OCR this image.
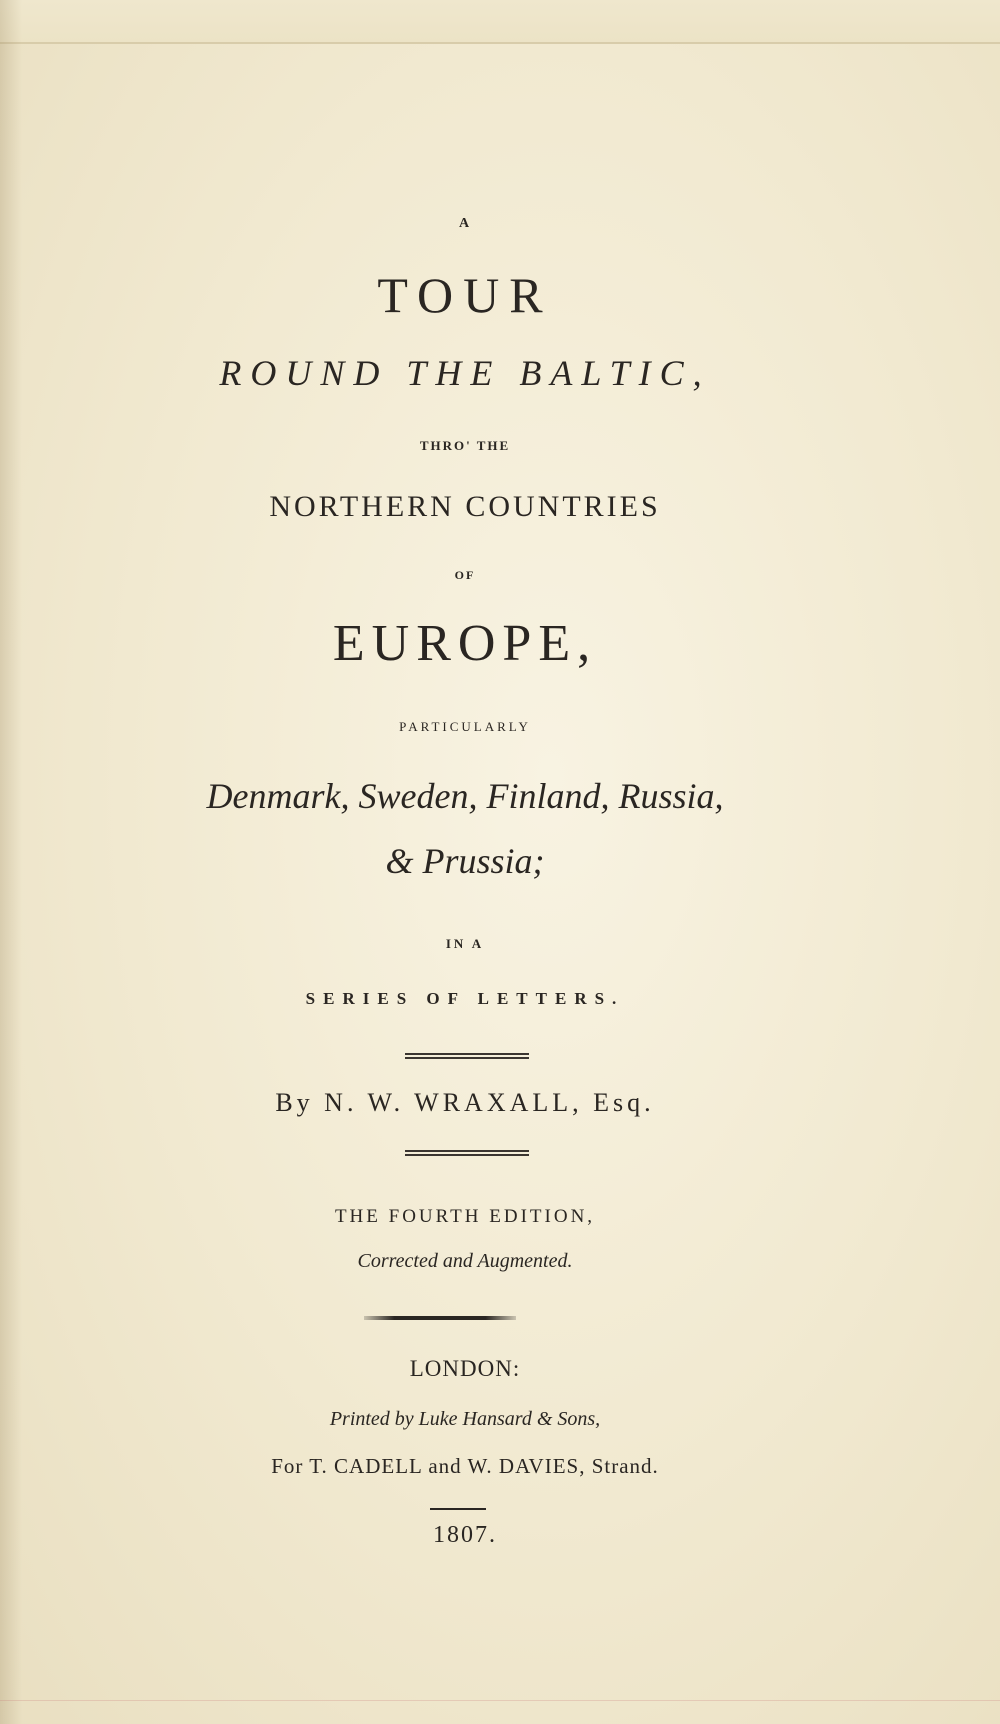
A

TOUR

ROUND THE BALTIC,

THRO' THE

NORTHERN COUNTRIES

OF

EUROPE,

PARTICULARLY

Denmark, Sweden, Finland, Russia,

& Prussia;

IN A

SERIES OF LETTERS.

By N. W. WRAXALL, Esq.

THE FOURTH EDITION,

Corrected and Augmented.

LONDON:

Printed by Luke Hansard & Sons,

For T. CADELL and W. DAVIES, Strand.

1807.
